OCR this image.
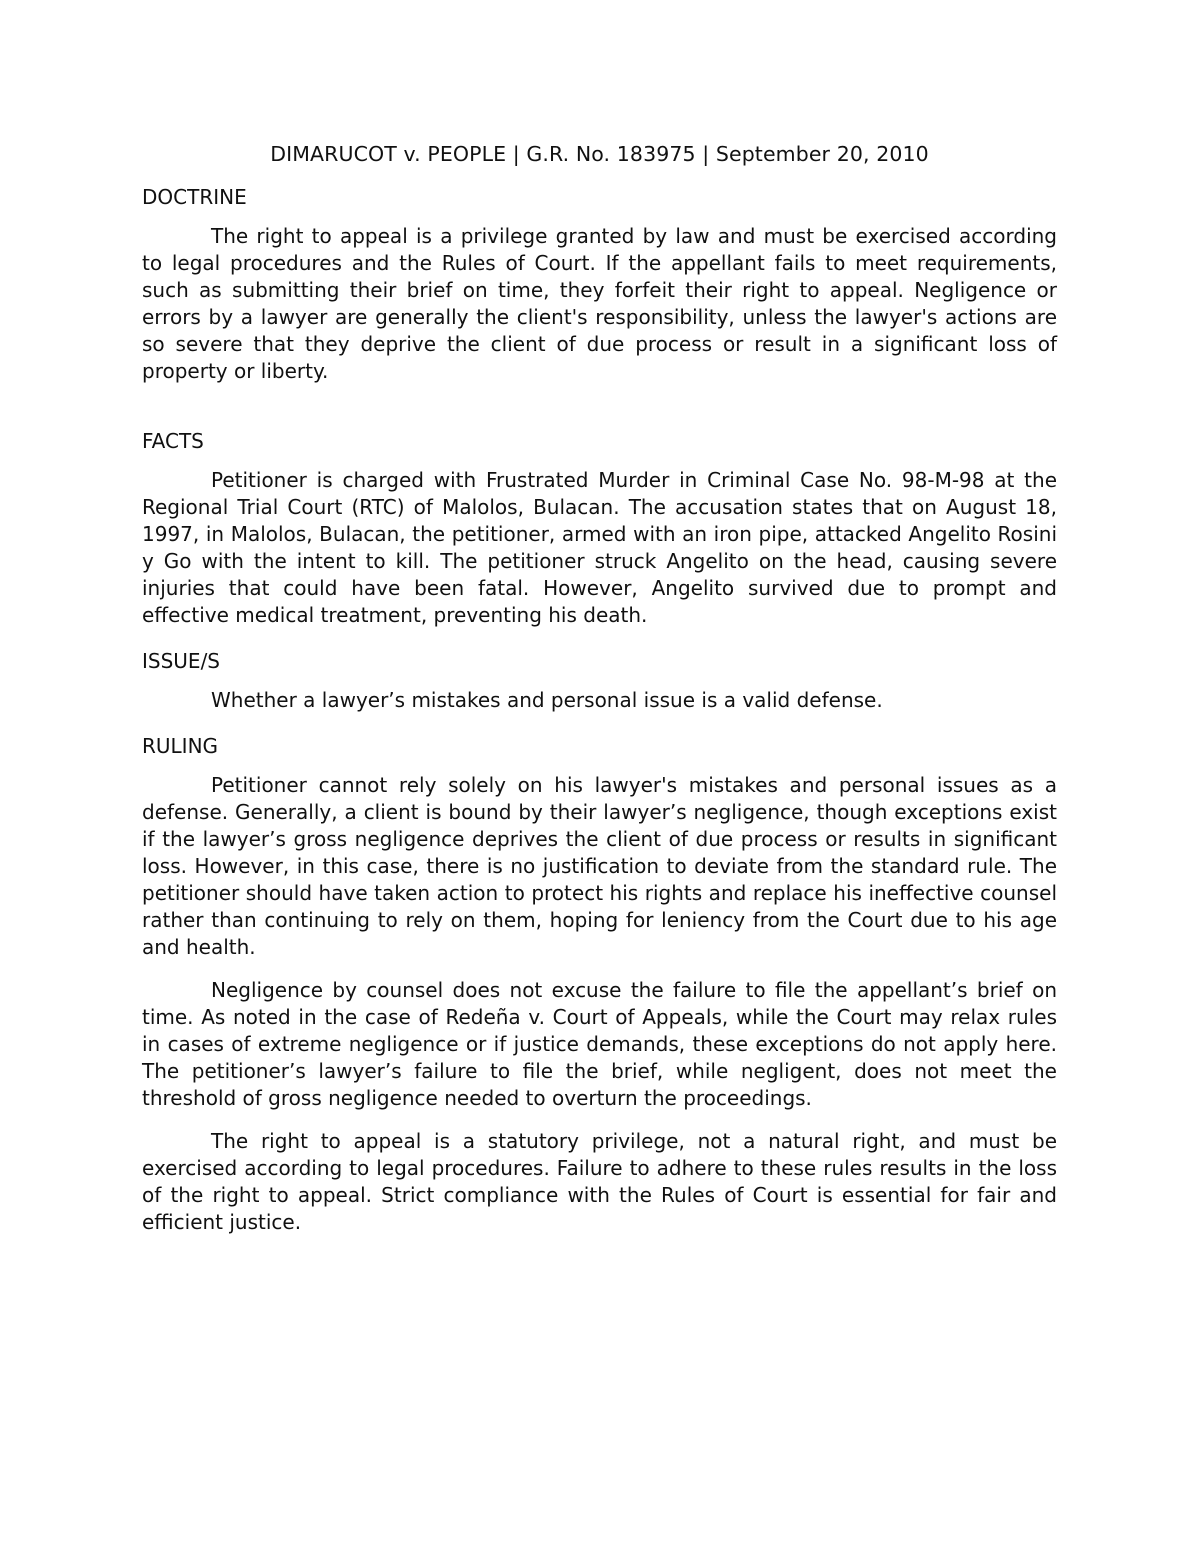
DIMARUCOT v. PEOPLE | G.R. No. 183975 | September 20, 2010
DOCTRINE

The right to appeal is a privilege granted by law and must be exercised according to legal procedures and the Rules of Court. If the appellant fails to meet requirements, such as submitting their brief on time, they forfeit their right to appeal. Negligence or errors by a lawyer are generally the client's responsibility, unless the lawyer's actions are so severe that they deprive the client of due process or result in a significant loss of property or liberty.

FACTS

Petitioner is charged with Frustrated Murder in Criminal Case No. 98-M-98 at the Regional Trial Court (RTC) of Malolos, Bulacan. The accusation states that on August 18, 1997, in Malolos, Bulacan, the petitioner, armed with an iron pipe, attacked Angelito Rosini y Go with the intent to kill. The petitioner struck Angelito on the head, causing severe injuries that could have been fatal. However, Angelito survived due to prompt and effective medical treatment, preventing his death.

ISSUE/S

Whether a lawyer’s mistakes and personal issue is a valid defense.

RULING

Petitioner cannot rely solely on his lawyer's mistakes and personal issues as a defense. Generally, a client is bound by their lawyer’s negligence, though exceptions exist if the lawyer’s gross negligence deprives the client of due process or results in significant loss. However, in this case, there is no justification to deviate from the standard rule. The petitioner should have taken action to protect his rights and replace his ineffective counsel rather than continuing to rely on them, hoping for leniency from the Court due to his age and health.

Negligence by counsel does not excuse the failure to file the appellant’s brief on time. As noted in the case of Redeña v. Court of Appeals, while the Court may relax rules in cases of extreme negligence or if justice demands, these exceptions do not apply here. The petitioner’s lawyer’s failure to file the brief, while negligent, does not meet the threshold of gross negligence needed to overturn the proceedings.

The right to appeal is a statutory privilege, not a natural right, and must be exercised according to legal procedures. Failure to adhere to these rules results in the loss of the right to appeal. Strict compliance with the Rules of Court is essential for fair and efficient justice.
